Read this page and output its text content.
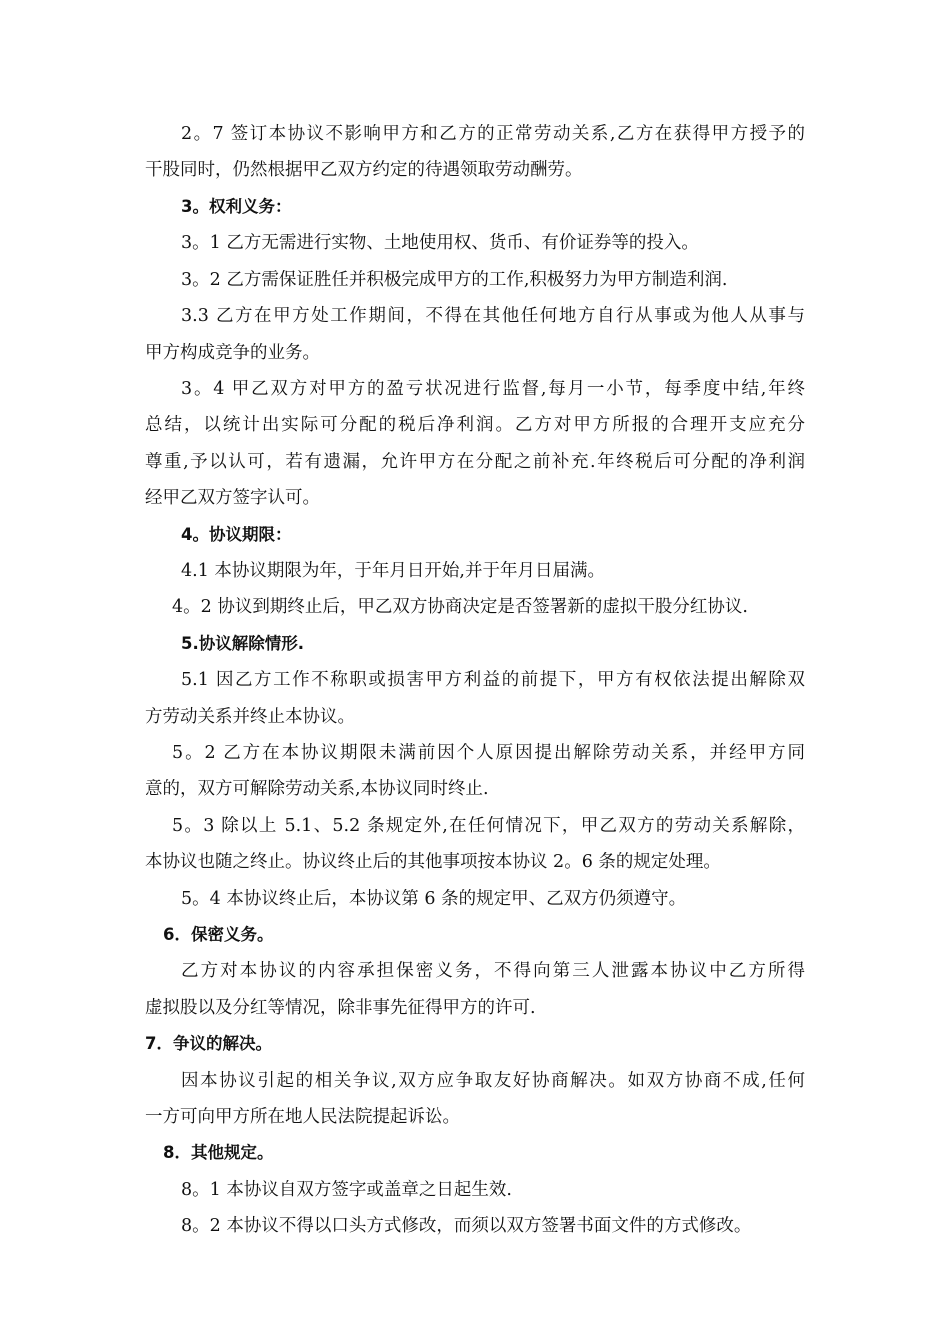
2。7 签订本协议不影响甲方和乙方的正常劳动关系,乙方在获得甲方授予的

干股同时，仍然根据甲乙双方约定的待遇领取劳动酬劳。

3。权利义务：

3。1 乙方无需进行实物、土地使用权、货币、有价证券等的投入。

3。2 乙方需保证胜任并积极完成甲方的工作,积极努力为甲方制造利润.

3.3 乙方在甲方处工作期间，不得在其他任何地方自行从事或为他人从事与

甲方构成竞争的业务。

3。4 甲乙双方对甲方的盈亏状况进行监督,每月一小节，每季度中结,年终

总结，以统计出实际可分配的税后净利润。乙方对甲方所报的合理开支应充分

尊重,予以认可，若有遗漏，允许甲方在分配之前补充.年终税后可分配的净利润

经甲乙双方签字认可。

4。协议期限：

4.1 本协议期限为年，于年月日开始,并于年月日届满。

4。2 协议到期终止后，甲乙双方协商决定是否签署新的虚拟干股分红协议.

5.协议解除情形.

5.1 因乙方工作不称职或损害甲方利益的前提下，甲方有权依法提出解除双

方劳动关系并终止本协议。

5。2 乙方在本协议期限未满前因个人原因提出解除劳动关系，并经甲方同

意的，双方可解除劳动关系,本协议同时终止.

5。3 除以上 5.1、5.2 条规定外,在任何情况下，甲乙双方的劳动关系解除，

本协议也随之终止。协议终止后的其他事项按本协议 2。6 条的规定处理。

5。4 本协议终止后，本协议第 6 条的规定甲、乙双方仍须遵守。

6．保密义务。

乙方对本协议的内容承担保密义务，不得向第三人泄露本协议中乙方所得

虚拟股以及分红等情况，除非事先征得甲方的许可.

7．争议的解决。

因本协议引起的相关争议,双方应争取友好协商解决。如双方协商不成,任何

一方可向甲方所在地人民法院提起诉讼。

8．其他规定。

8。1 本协议自双方签字或盖章之日起生效.

8。2 本协议不得以口头方式修改，而须以双方签署书面文件的方式修改。
